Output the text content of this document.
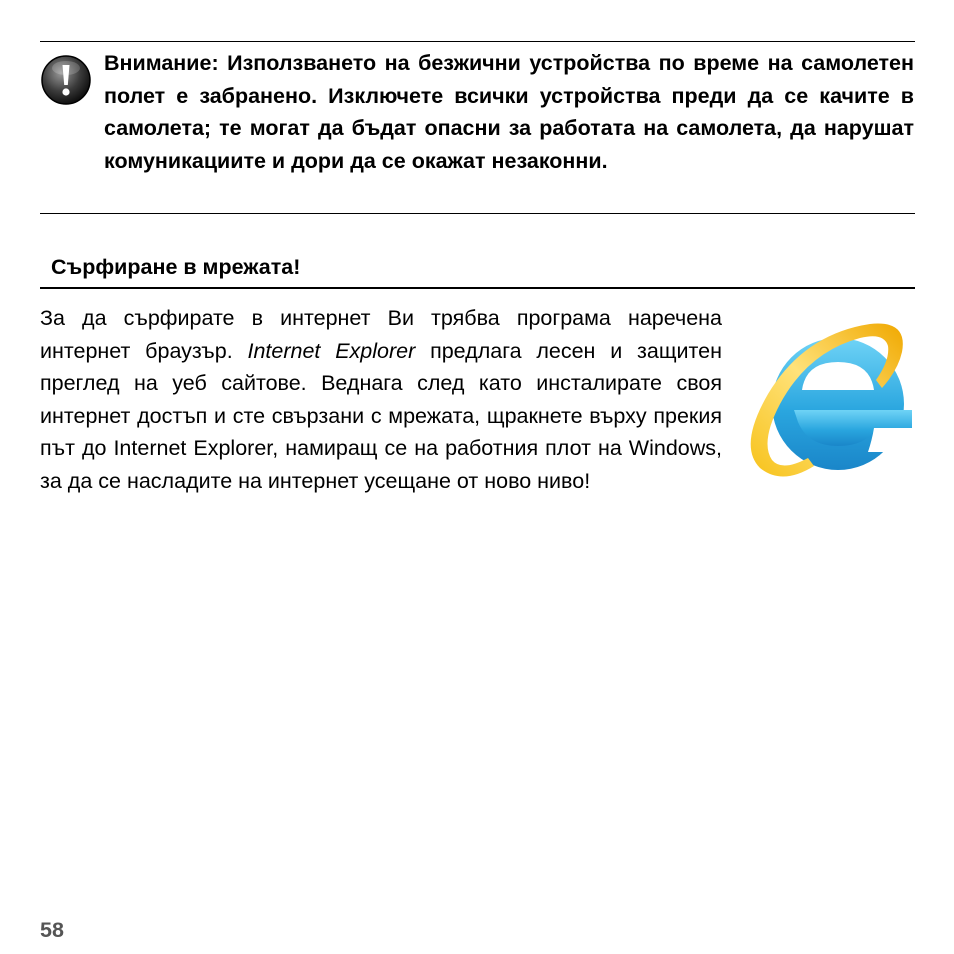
Внимание: Използването на безжични устройства по време на самолетен полет е забранено. Изключете всички устройства преди да се качите в самолета; те могат да бъдат опасни за работата на самолета, да нарушат комуникациите и дори да се окажат незаконни.

Сърфиране в мрежата!

За да сърфирате в интернет Ви трябва програма наречена интернет браузър. Internet Explorer предлага лесен и защитен преглед на уеб сайтове. Веднага след като инсталирате своя интернет достъп и сте свързани с мрежата, щракнете върху прекия път до Internet Explorer, намиращ се на работния плот на Windows, за да се насладите на интернет усещане от ново ниво!

58
